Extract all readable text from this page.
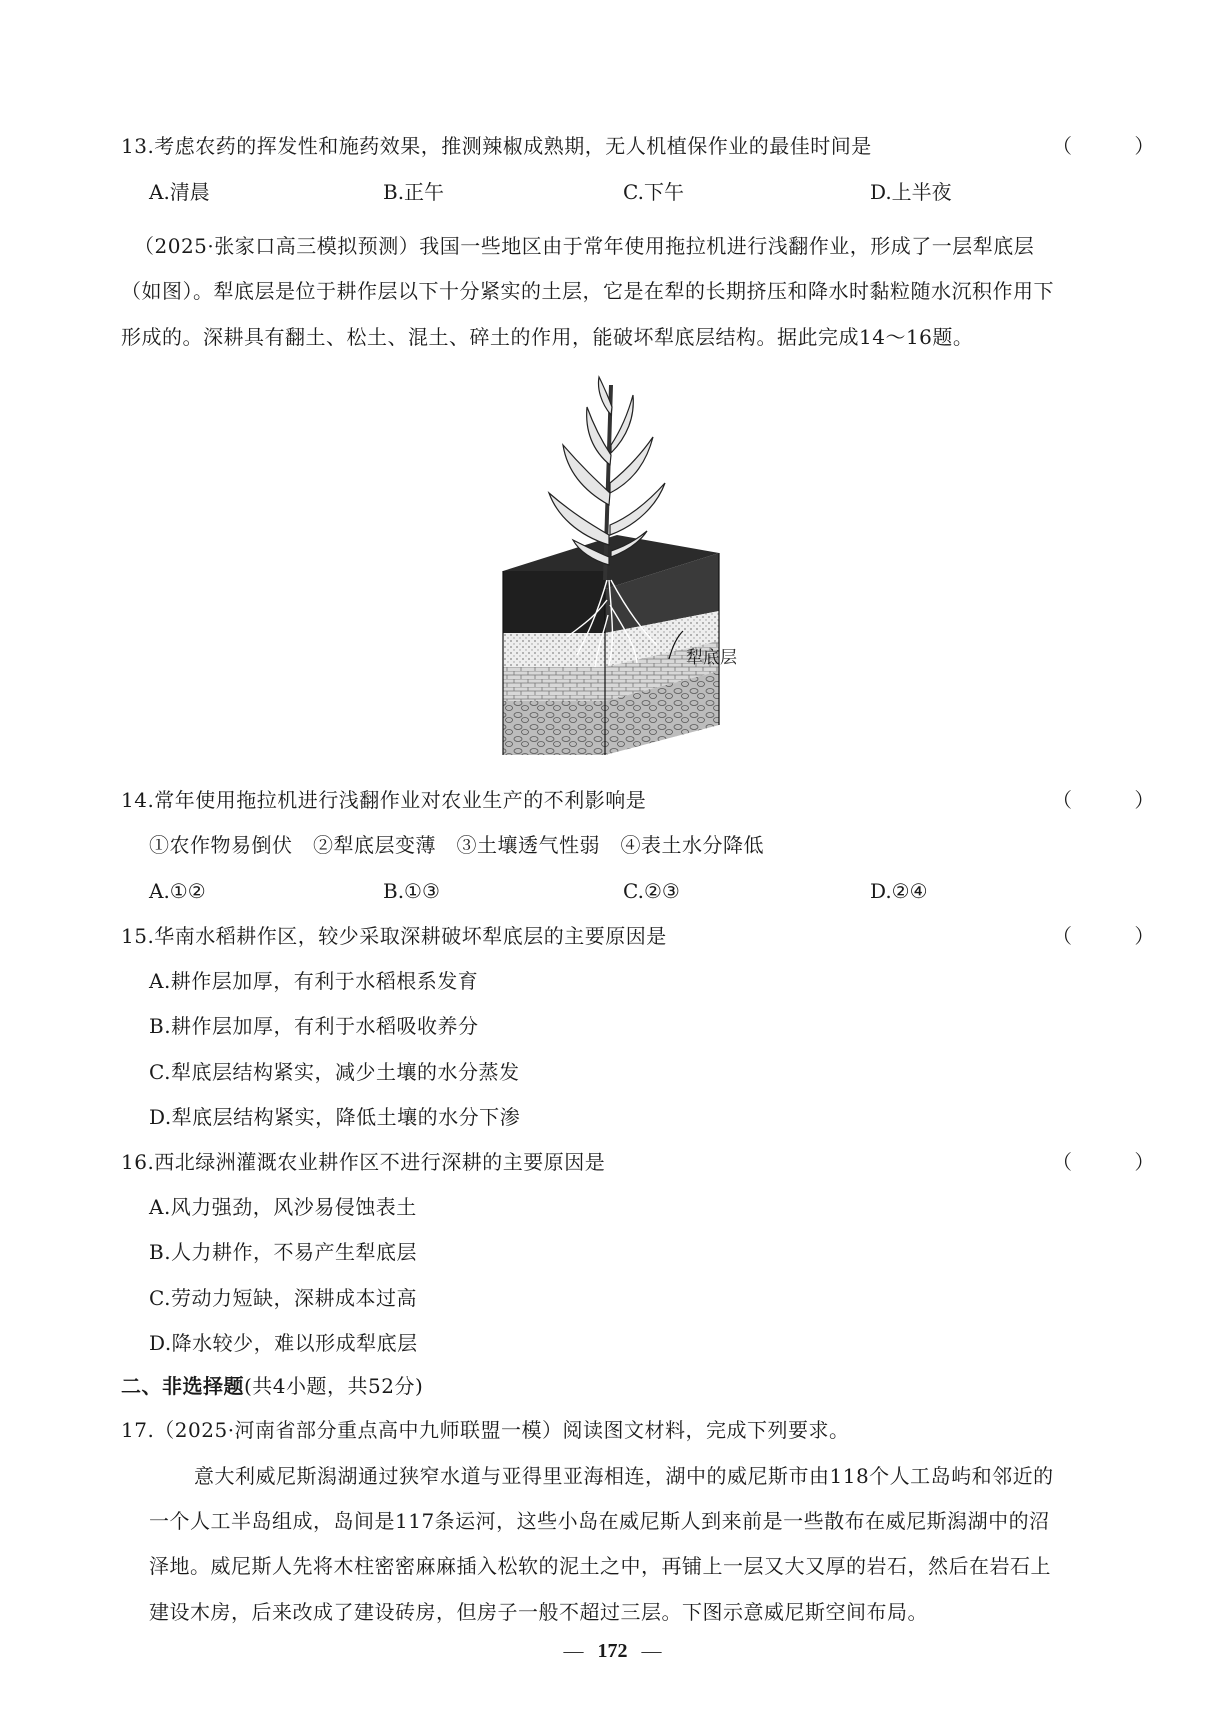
13.考虑农药的挥发性和施药效果，推测辣椒成熟期，无人机植保作业的最佳时间是	（ ）
A.清晨	B.正午	C.下午	D.上半夜
（2025·张家口高三模拟预测）我国一些地区由于常年使用拖拉机进行浅翻作业，形成了一层犁底层
（如图）。犁底层是位于耕作层以下十分紧实的土层，它是在犁的长期挤压和降水时黏粒随水沉积作用下
形成的。深耕具有翻土、松土、混土、碎土的作用，能破坏犁底层结构。据此完成14～16题。
犁底层
14.常年使用拖拉机进行浅翻作业对农业生产的不利影响是	（ ）
①农作物易倒伏　②犁底层变薄　③土壤透气性弱　④表土水分降低
A.①②	B.①③	C.②③	D.②④
15.华南水稻耕作区，较少采取深耕破坏犁底层的主要原因是	（ ）
A.耕作层加厚，有利于水稻根系发育
B.耕作层加厚，有利于水稻吸收养分
C.犁底层结构紧实，减少土壤的水分蒸发
D.犁底层结构紧实，降低土壤的水分下渗
16.西北绿洲灌溉农业耕作区不进行深耕的主要原因是	（ ）
A.风力强劲，风沙易侵蚀表土
B.人力耕作，不易产生犁底层
C.劳动力短缺，深耕成本过高
D.降水较少，难以形成犁底层
二、非选择题(共4小题，共52分)
17.（2025·河南省部分重点高中九师联盟一模）阅读图文材料，完成下列要求。
意大利威尼斯潟湖通过狭窄水道与亚得里亚海相连，湖中的威尼斯市由118个人工岛屿和邻近的
一个人工半岛组成，岛间是117条运河，这些小岛在威尼斯人到来前是一些散布在威尼斯潟湖中的沼
泽地。威尼斯人先将木柱密密麻麻插入松软的泥土之中，再铺上一层又大又厚的岩石，然后在岩石上
建设木房，后来改成了建设砖房，但房子一般不超过三层。下图示意威尼斯空间布局。
— 172 —
